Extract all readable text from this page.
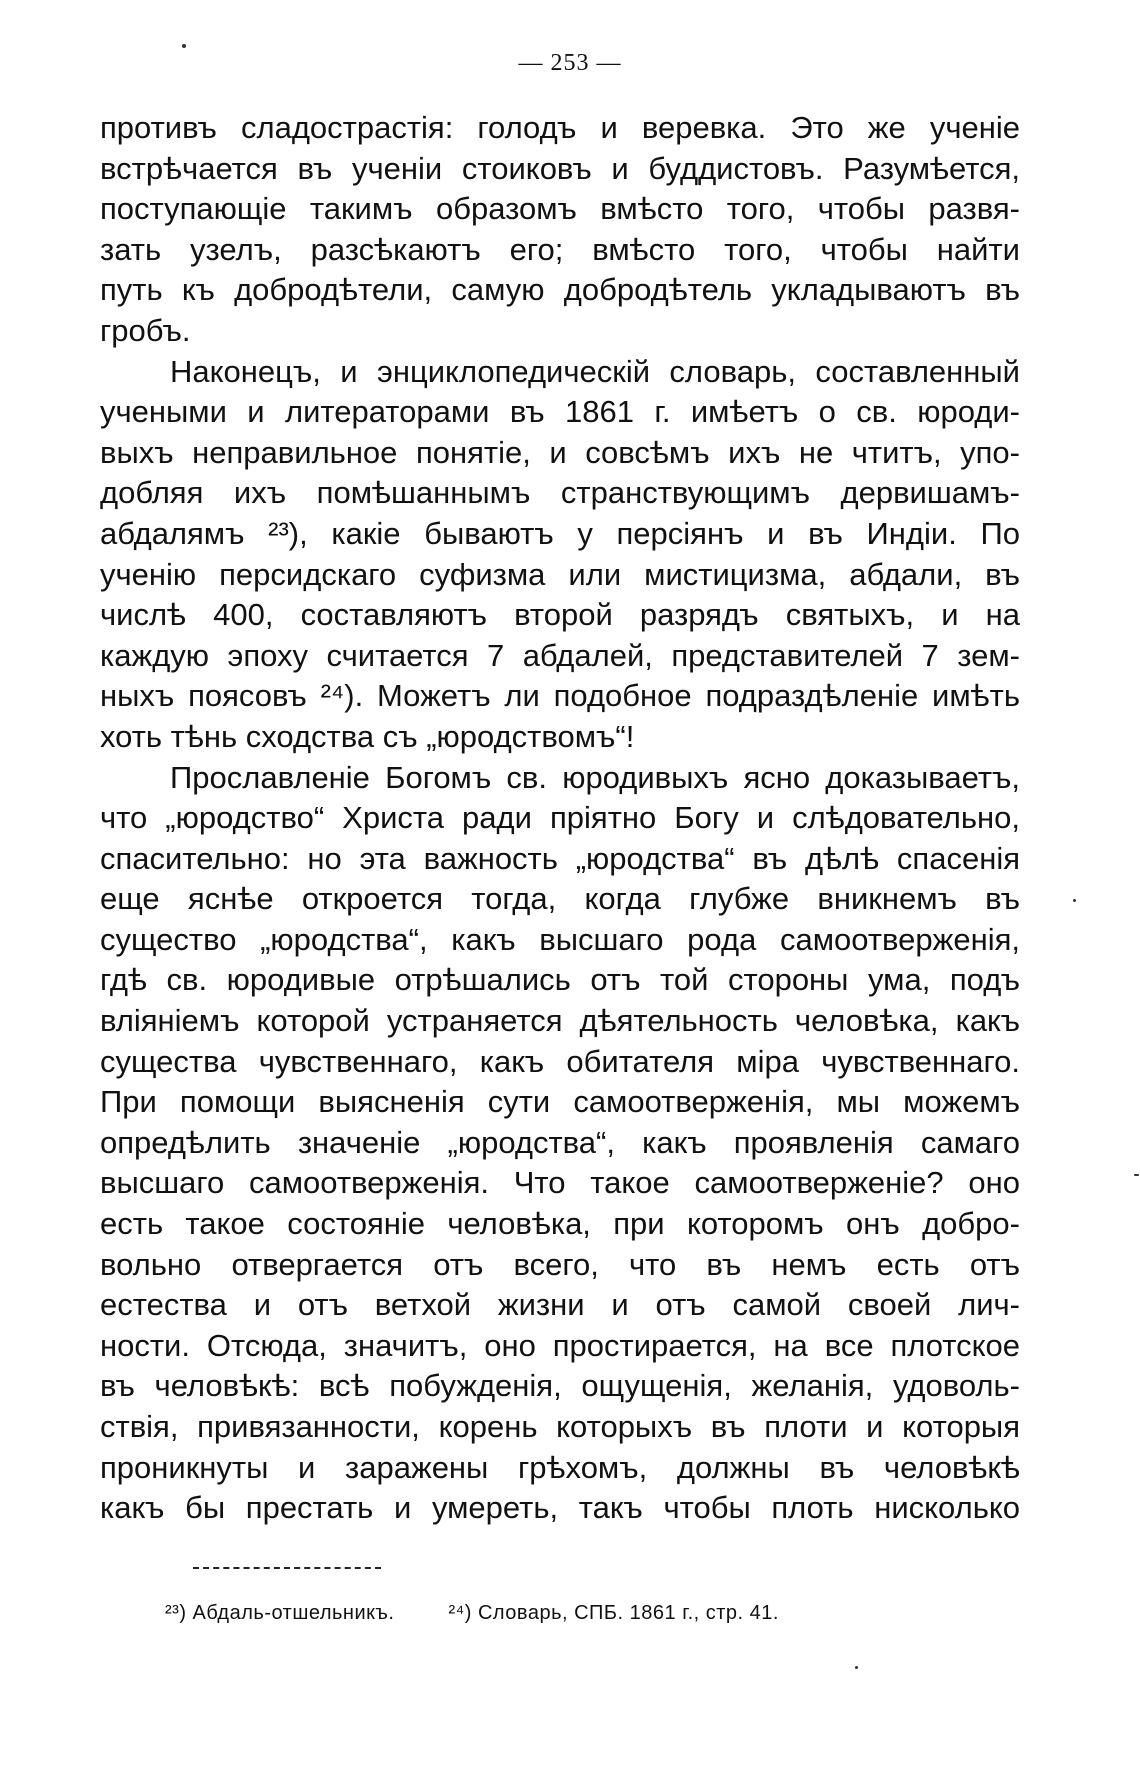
— 253 —
противъ сладострастія: голодъ и веревка. Это же ученіе
встрѣчается въ ученіи стоиковъ и буддистовъ. Разумѣется,
поступающіе такимъ образомъ вмѣсто того, чтобы развя-
зать узелъ, разсѣкаютъ его; вмѣсто того, чтобы найти
путь къ добродѣтели, самую добродѣтель укладываютъ въ
гробъ.
Наконецъ, и энциклопедическій словарь, составленный
учеными и литераторами въ 1861 г. имѣетъ о св. юроди-
выхъ неправильное понятіе, и совсѣмъ ихъ не чтитъ, упо-
добляя ихъ помѣшаннымъ странствующимъ дервишамъ-
абдалямъ ²³), какіе бываютъ у персіянъ и въ Индіи. По
ученію персидскаго суфизма или мистицизма, абдали, въ
числѣ 400, составляютъ второй разрядъ святыхъ, и на
каждую эпоху считается 7 абдалей, представителей 7 зем-
ныхъ поясовъ ²⁴). Можетъ ли подобное подраздѣленіе имѣть
хоть тѣнь сходства съ „юродствомъ“!
Прославленіе Богомъ св. юродивыхъ ясно доказываетъ,
что „юродство“ Христа ради пріятно Богу и слѣдовательно,
спасительно: но эта важность „юродства“ въ дѣлѣ спасенія
еще яснѣе откроется тогда, когда глубже вникнемъ въ
существо „юродства“, какъ высшаго рода самоотверженія,
гдѣ св. юродивые отрѣшались отъ той стороны ума, подъ
вліяніемъ которой устраняется дѣятельность человѣка, какъ
существа чувственнаго, какъ обитателя міра чувственнаго.
При помощи выясненія сути самоотверженія, мы можемъ
опредѣлить значеніе „юродства“, какъ проявленія самаго
высшаго самоотверженія. Что такое самоотверженіе? оно
есть такое состояніе человѣка, при которомъ онъ добро-
вольно отвергается отъ всего, что въ немъ есть отъ
естества и отъ ветхой жизни и отъ самой своей лич-
ности. Отсюда, значитъ, оно простирается, на все плотское
въ человѣкѣ: всѣ побужденія, ощущенія, желанія, удоволь-
ствія, привязанности, корень которыхъ въ плоти и которыя
проникнуты и заражены грѣхомъ, должны въ человѣкѣ
какъ бы престать и умереть, такъ чтобы плоть нисколько
²³) Абдаль-отшельникъ.	²⁴) Словарь, СПБ. 1861 г., стр. 41.
